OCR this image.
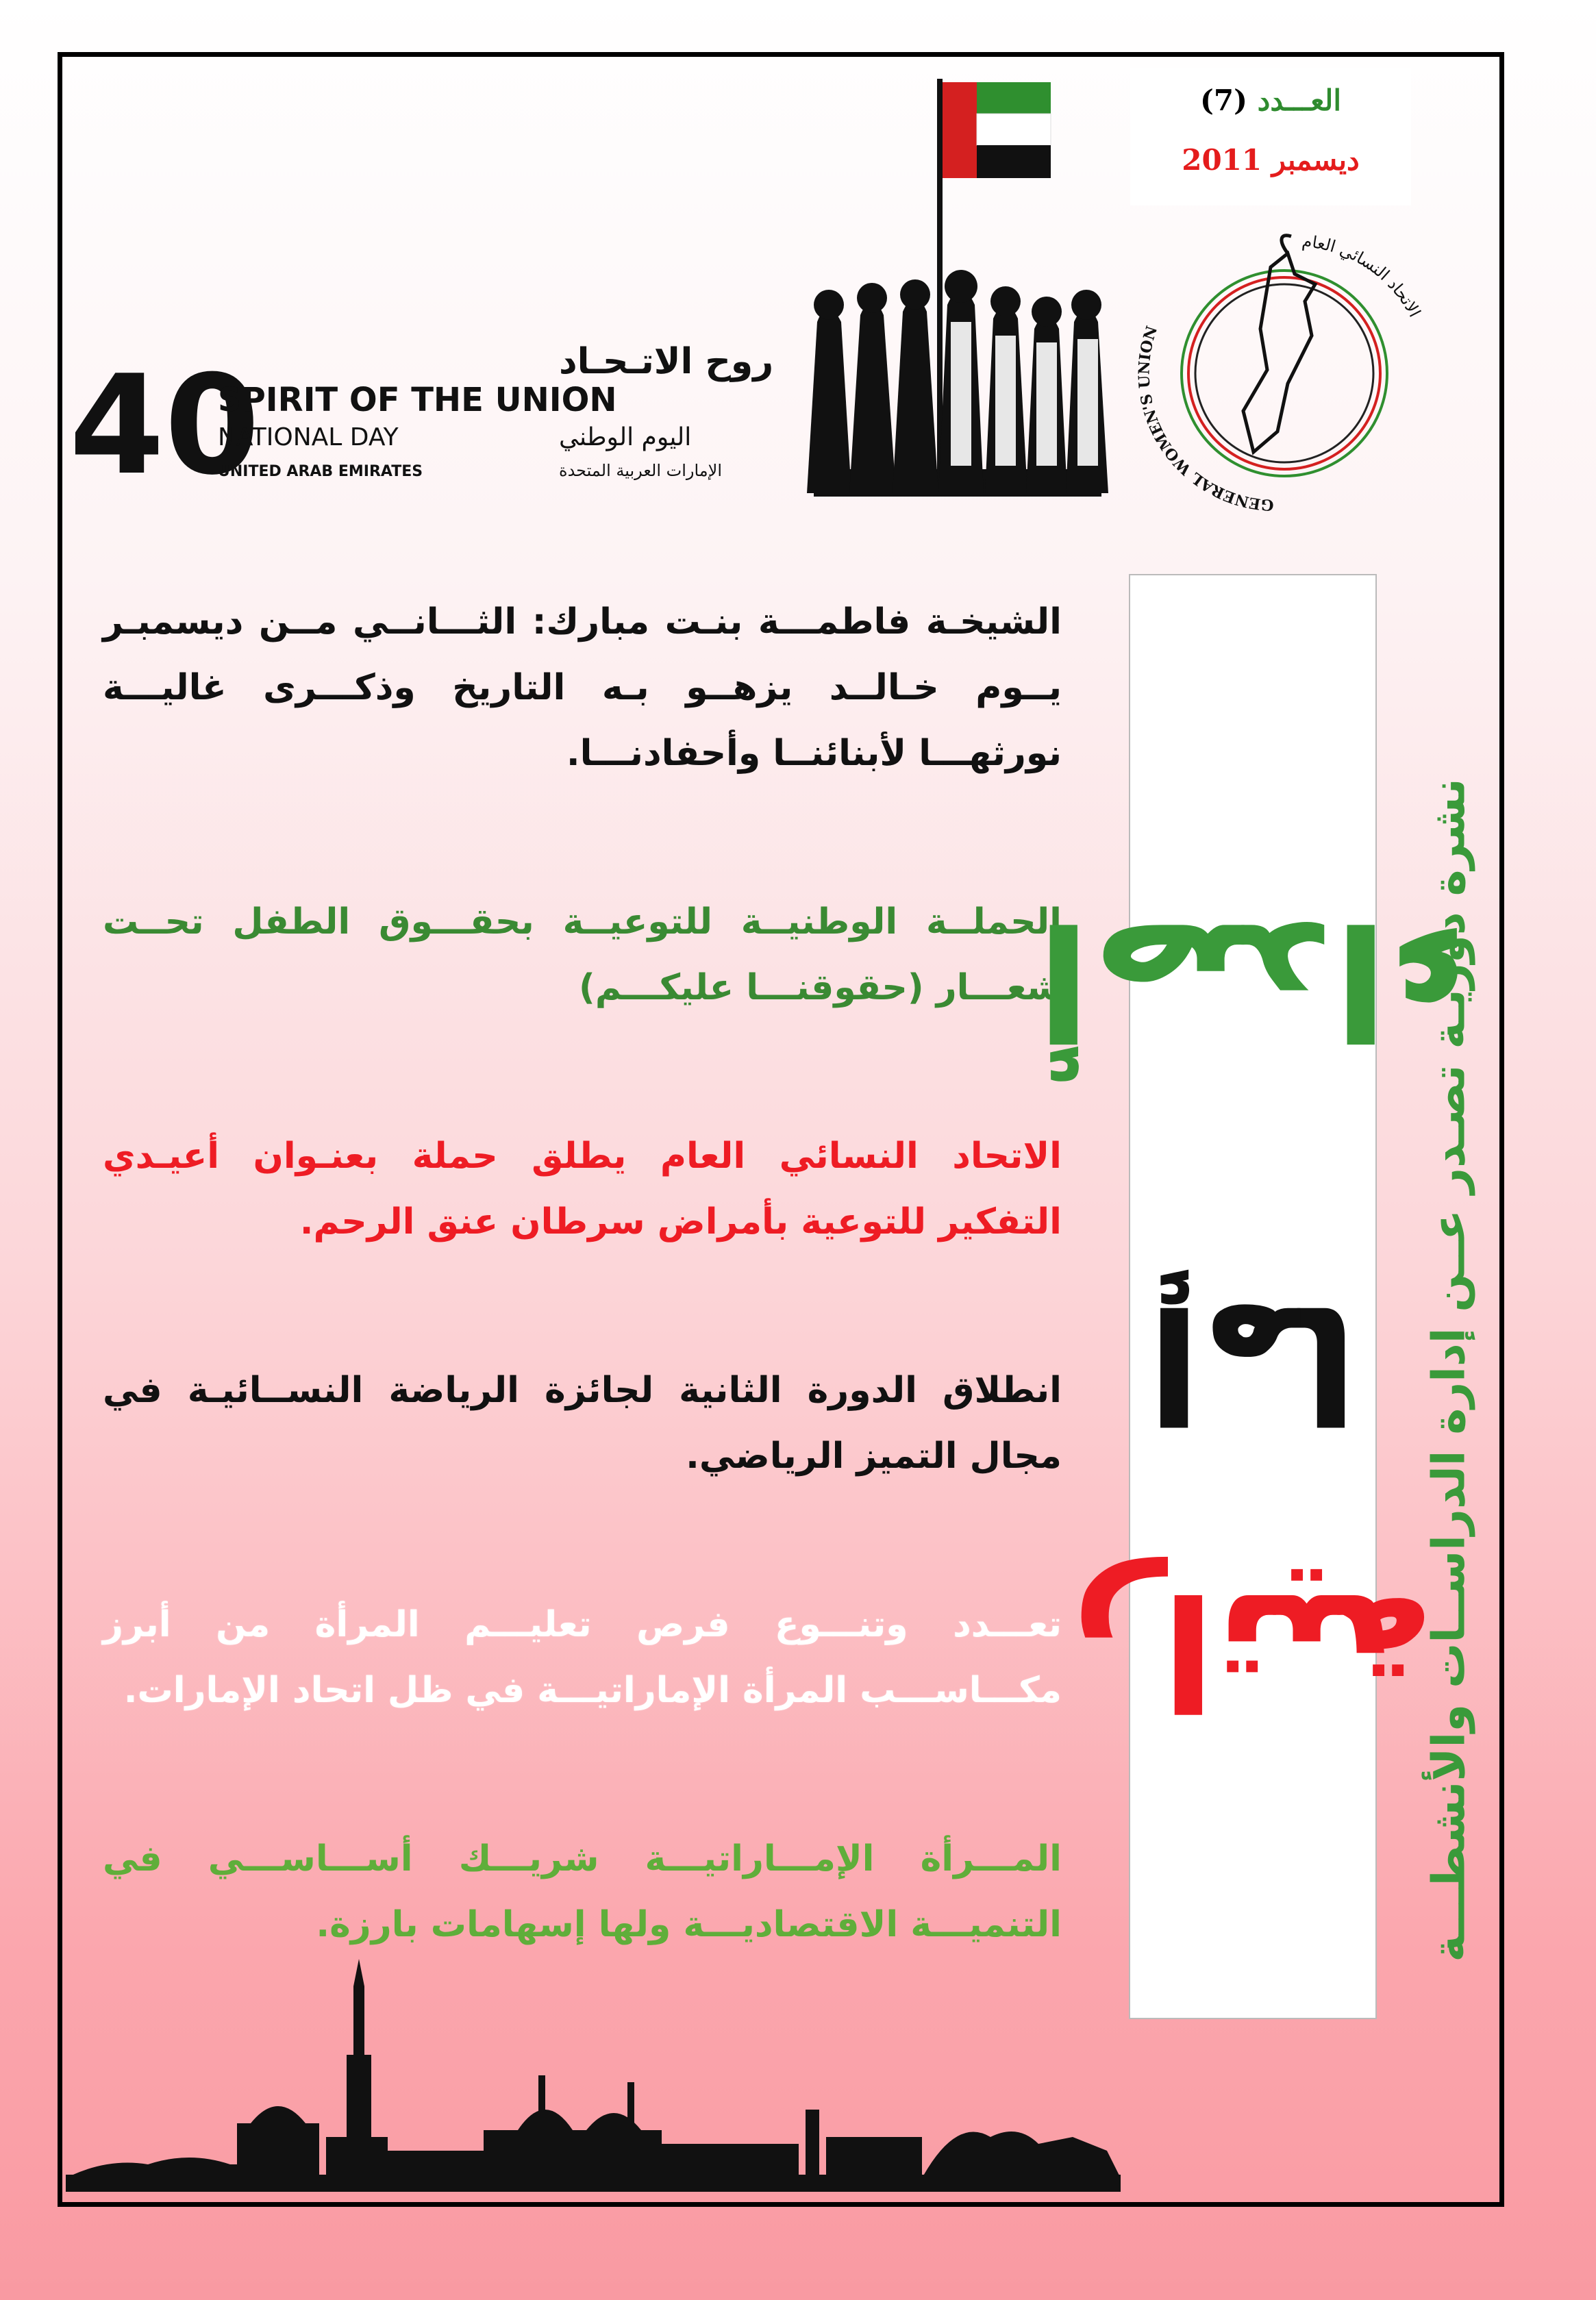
العـــدد (7)
ديسمبر 2011
GENERAL WOMEN'S UNION
الاتحاد النسائي العام
40	روح الاتـحـاد
SPIRIT OF THE UNION
NATIONAL DAY	اليوم الوطني
UNITED ARAB EMIRATES	الإمارات العربية المتحدة

الشيخـة فاطمـــة بنـت مبارك: الثـــانــي مــن ديسمبـر يــوم خـالــد يزهــو بـه التاريخ وذكـــرى غاليـــة نورثهـــا لأبنائنــا وأحفادنـــا.

الحملــة الوطنيــة للتوعيــة بحقـــوق الطفل تحــت شعـــار (حقوقنـــا عليكـــم)

الاتحاد النسائي العام يطلق حملة بعنـوان أعيـدي التفكير للتوعية بأمراض سرطان عنق الرحم.

انطلاق الدورة الثانية لجائزة الرياضة النســائيـة في مجال التميز الرياضي.

تعـــدد وتنـــوع فرص تعليـــم المرأة من أبرز مكـــاســـب المرأة الإماراتيـــة في ظل اتحاد الإمارات.

المـــرأة الإمـــاراتيـــة شريـــك أســـاســـي في التنميـــة الاقتصاديـــة ولها إسهامات بارزة.

أصداء إماراتية
نشرة دوريـة تصـدر عــن إدارة الدراســات والأنشطـــة
